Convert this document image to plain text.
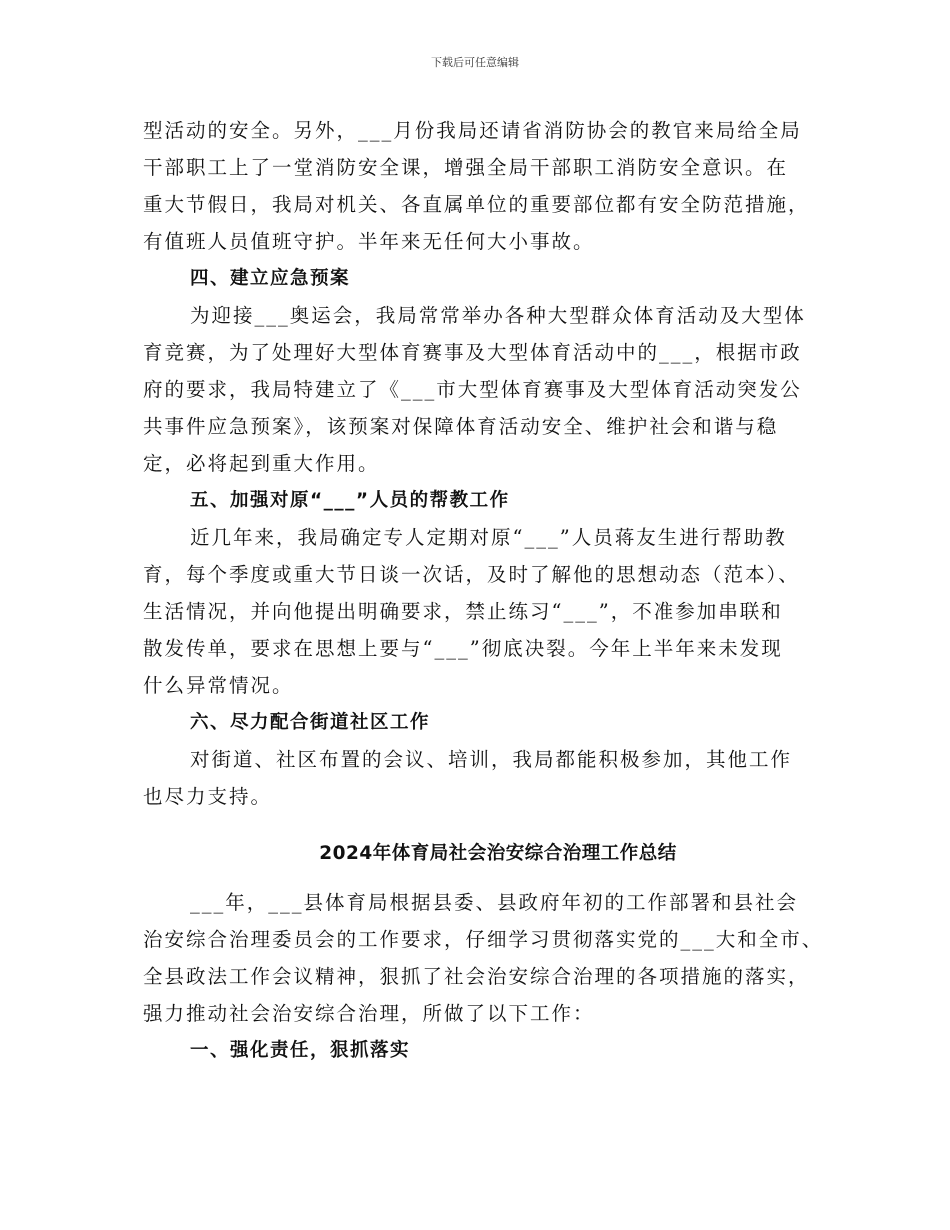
下载后可任意编辑
型活动的安全。另外，___月份我局还请省消防协会的教官来局给全局
干部职工上了一堂消防安全课，增强全局干部职工消防安全意识。在
重大节假日，我局对机关、各直属单位的重要部位都有安全防范措施，
有值班人员值班守护。半年来无任何大小事故。
四、建立应急预案
为迎接___奥运会，我局常常举办各种大型群众体育活动及大型体
育竞赛，为了处理好大型体育赛事及大型体育活动中的___，根据市政
府的要求，我局特建立了《___市大型体育赛事及大型体育活动突发公
共事件应急预案》，该预案对保障体育活动安全、维护社会和谐与稳
定，必将起到重大作用。
五、加强对原“___”人员的帮教工作
近几年来，我局确定专人定期对原“___”人员蒋友生进行帮助教
育，每个季度或重大节日谈一次话，及时了解他的思想动态（范本）、
生活情况，并向他提出明确要求，禁止练习“___”，不准参加串联和
散发传单，要求在思想上要与“___”彻底决裂。今年上半年来未发现
什么异常情况。
六、尽力配合街道社区工作
对街道、社区布置的会议、培训，我局都能积极参加，其他工作
也尽力支持。
2024年体育局社会治安综合治理工作总结
___年，___县体育局根据县委、县政府年初的工作部署和县社会
治安综合治理委员会的工作要求，仔细学习贯彻落实党的___大和全市、
全县政法工作会议精神，狠抓了社会治安综合治理的各项措施的落实，
强力推动社会治安综合治理，所做了以下工作：
一、强化责任，狠抓落实
